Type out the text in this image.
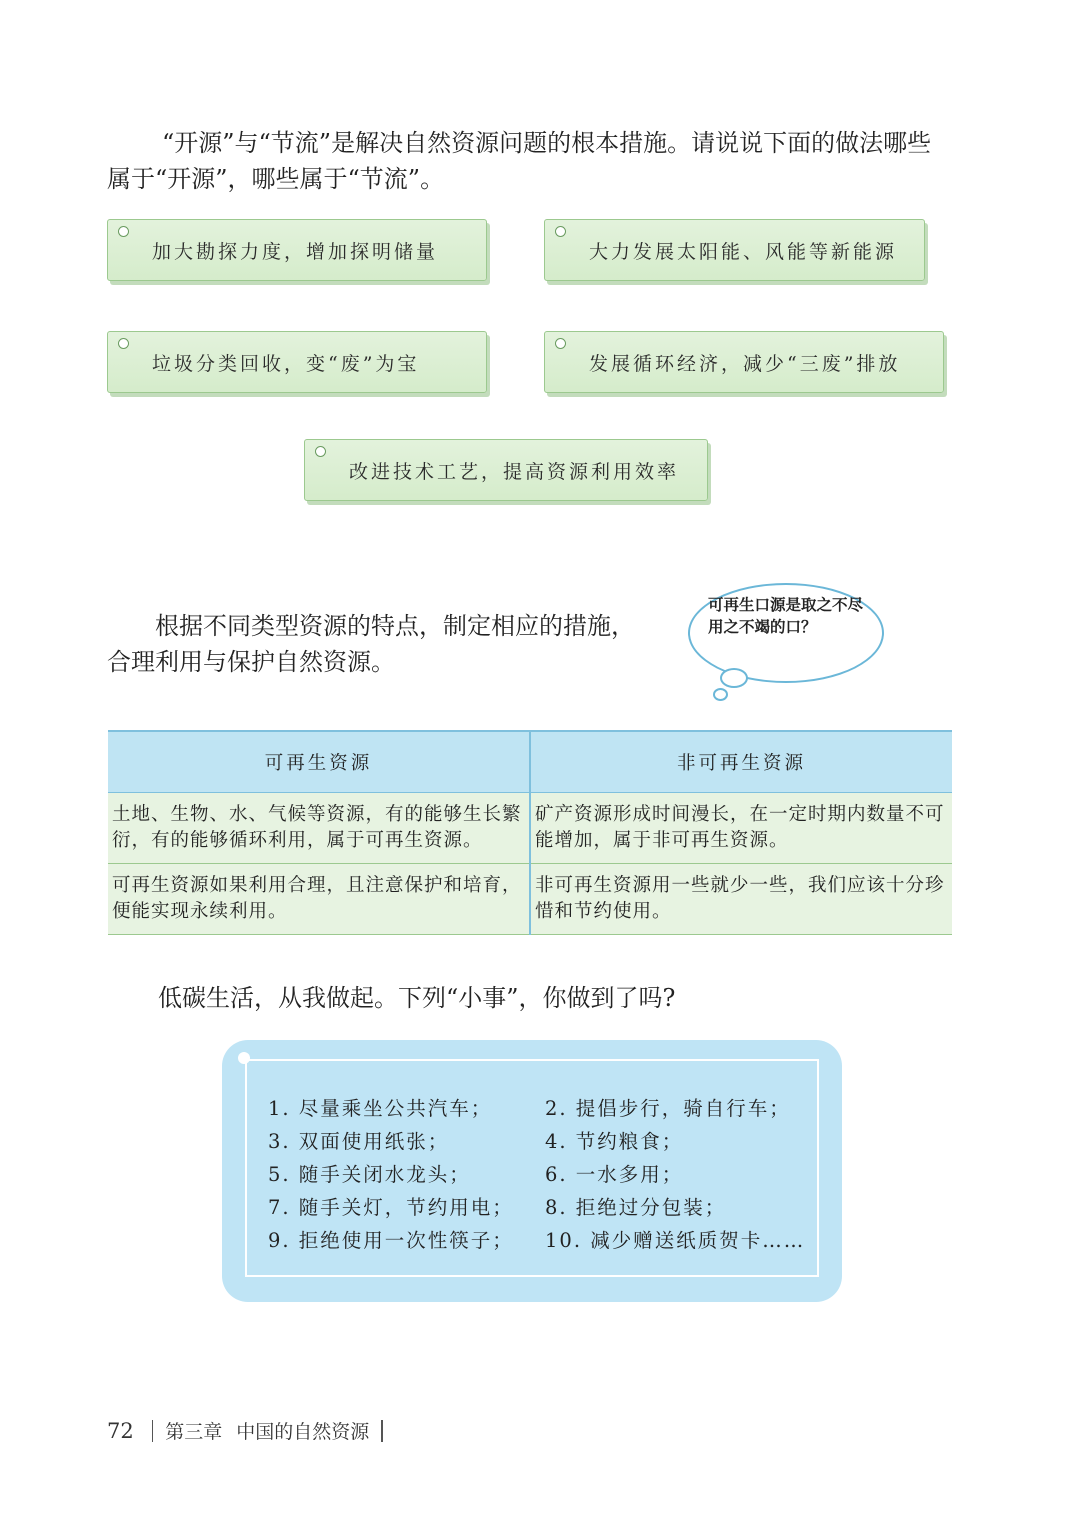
“开源”与“节流”是解决自然资源问题的根本措施。请说说下面的做法哪些
属于“开源”，哪些属于“节流”。

加大勘探力度，增加探明储量	大力发展太阳能、风能等新能源
垃圾分类回收，变“废”为宝	发展循环经济，减少“三废”排放
改进技术工艺，提高资源利用效率

根据不同类型资源的特点，制定相应的措施，
合理利用与保护自然资源。

可再生口源是取之不尽用之不竭的口？
可再生资源	非可再生资源
土地、生物、水、气候等资源，有的能够生长繁衍，有的能够循环利用，属于可再生资源。	矿产资源形成时间漫长，在一定时期内数量不可能增加，属于非可再生资源。
可再生资源如果利用合理，且注意保护和培育，便能实现永续利用。	非可再生资源用一些就少一些，我们应该十分珍惜和节约使用。

低碳生活，从我做起。下列“小事”，你做到了吗?

1. 尽量乘坐公共汽车；	2. 提倡步行，骑自行车；
3. 双面使用纸张；	4. 节约粮食；
5. 随手关闭水龙头；	6. 一水多用；
7. 随手关灯，节约用电； 8. 拒绝过分包装；
9. 拒绝使用一次性筷子； 10. 减少赠送纸质贺卡……
72 第三章 中国的自然资源
